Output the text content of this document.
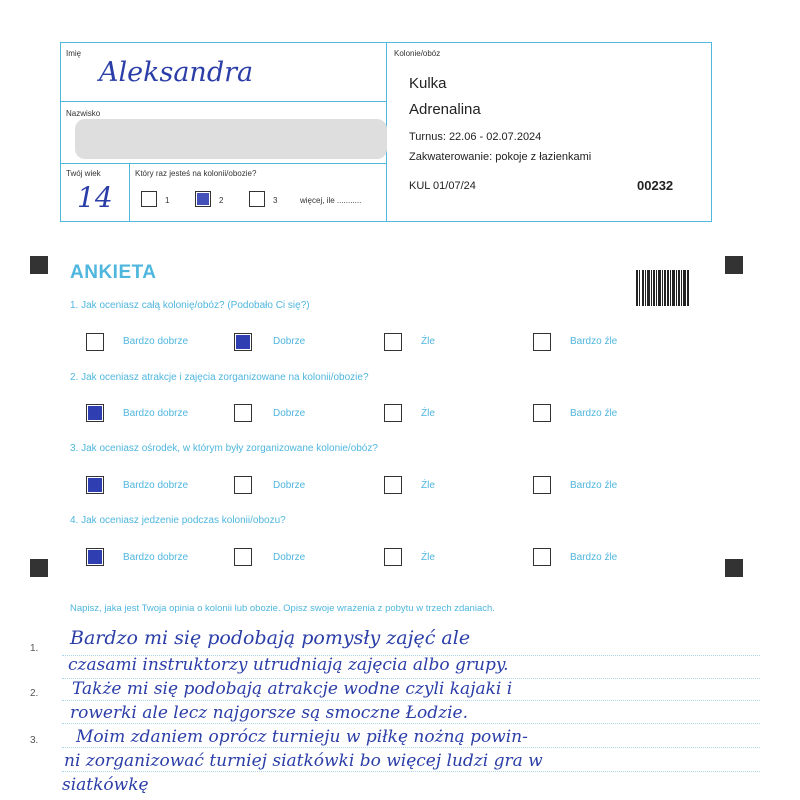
Imię
Aleksandra
Nazwisko
Twój wiek
14
Który raz jesteś na kolonii/obozie?
1	2	3	więcej, ile ...........
Kolonie/obóz
Kulka
Adrenalina
Turnus: 22.06 - 02.07.2024
Zakwaterowanie: pokoje z łazienkami
KUL 01/07/24	00232
ANKIETA
1. Jak oceniasz całą kolonię/obóz? (Podobało Ci się?)
Bardzo dobrze	Dobrze	Źle	Bardzo źle
2. Jak oceniasz atrakcje i zajęcia zorganizowane na kolonii/obozie?
Bardzo dobrze	Dobrze	Źle	Bardzo źle
3. Jak oceniasz ośrodek, w którym były zorganizowane kolonie/obóz?
Bardzo dobrze	Dobrze	Źle	Bardzo źle
4. Jak oceniasz jedzenie podczas kolonii/obozu?
Bardzo dobrze	Dobrze	Źle	Bardzo źle
Napisz, jaka jest Twoja opinia o kolonii lub obozie. Opisz swoje wrażenia z pobytu w trzech zdaniach.
1.
2.
3.
Bardzo mi się podobają pomysły zajęć ale
czasami instruktorzy utrudniają zajęcia albo grupy.
Także mi się podobają atrakcje wodne czyli kajaki i
rowerki ale lecz najgorsze są smoczne Łodzie.
Moim zdaniem oprócz turnieju w piłkę nożną powin-
ni zorganizować turniej siatkówki bo więcej ludzi gra w
siatkówkę
